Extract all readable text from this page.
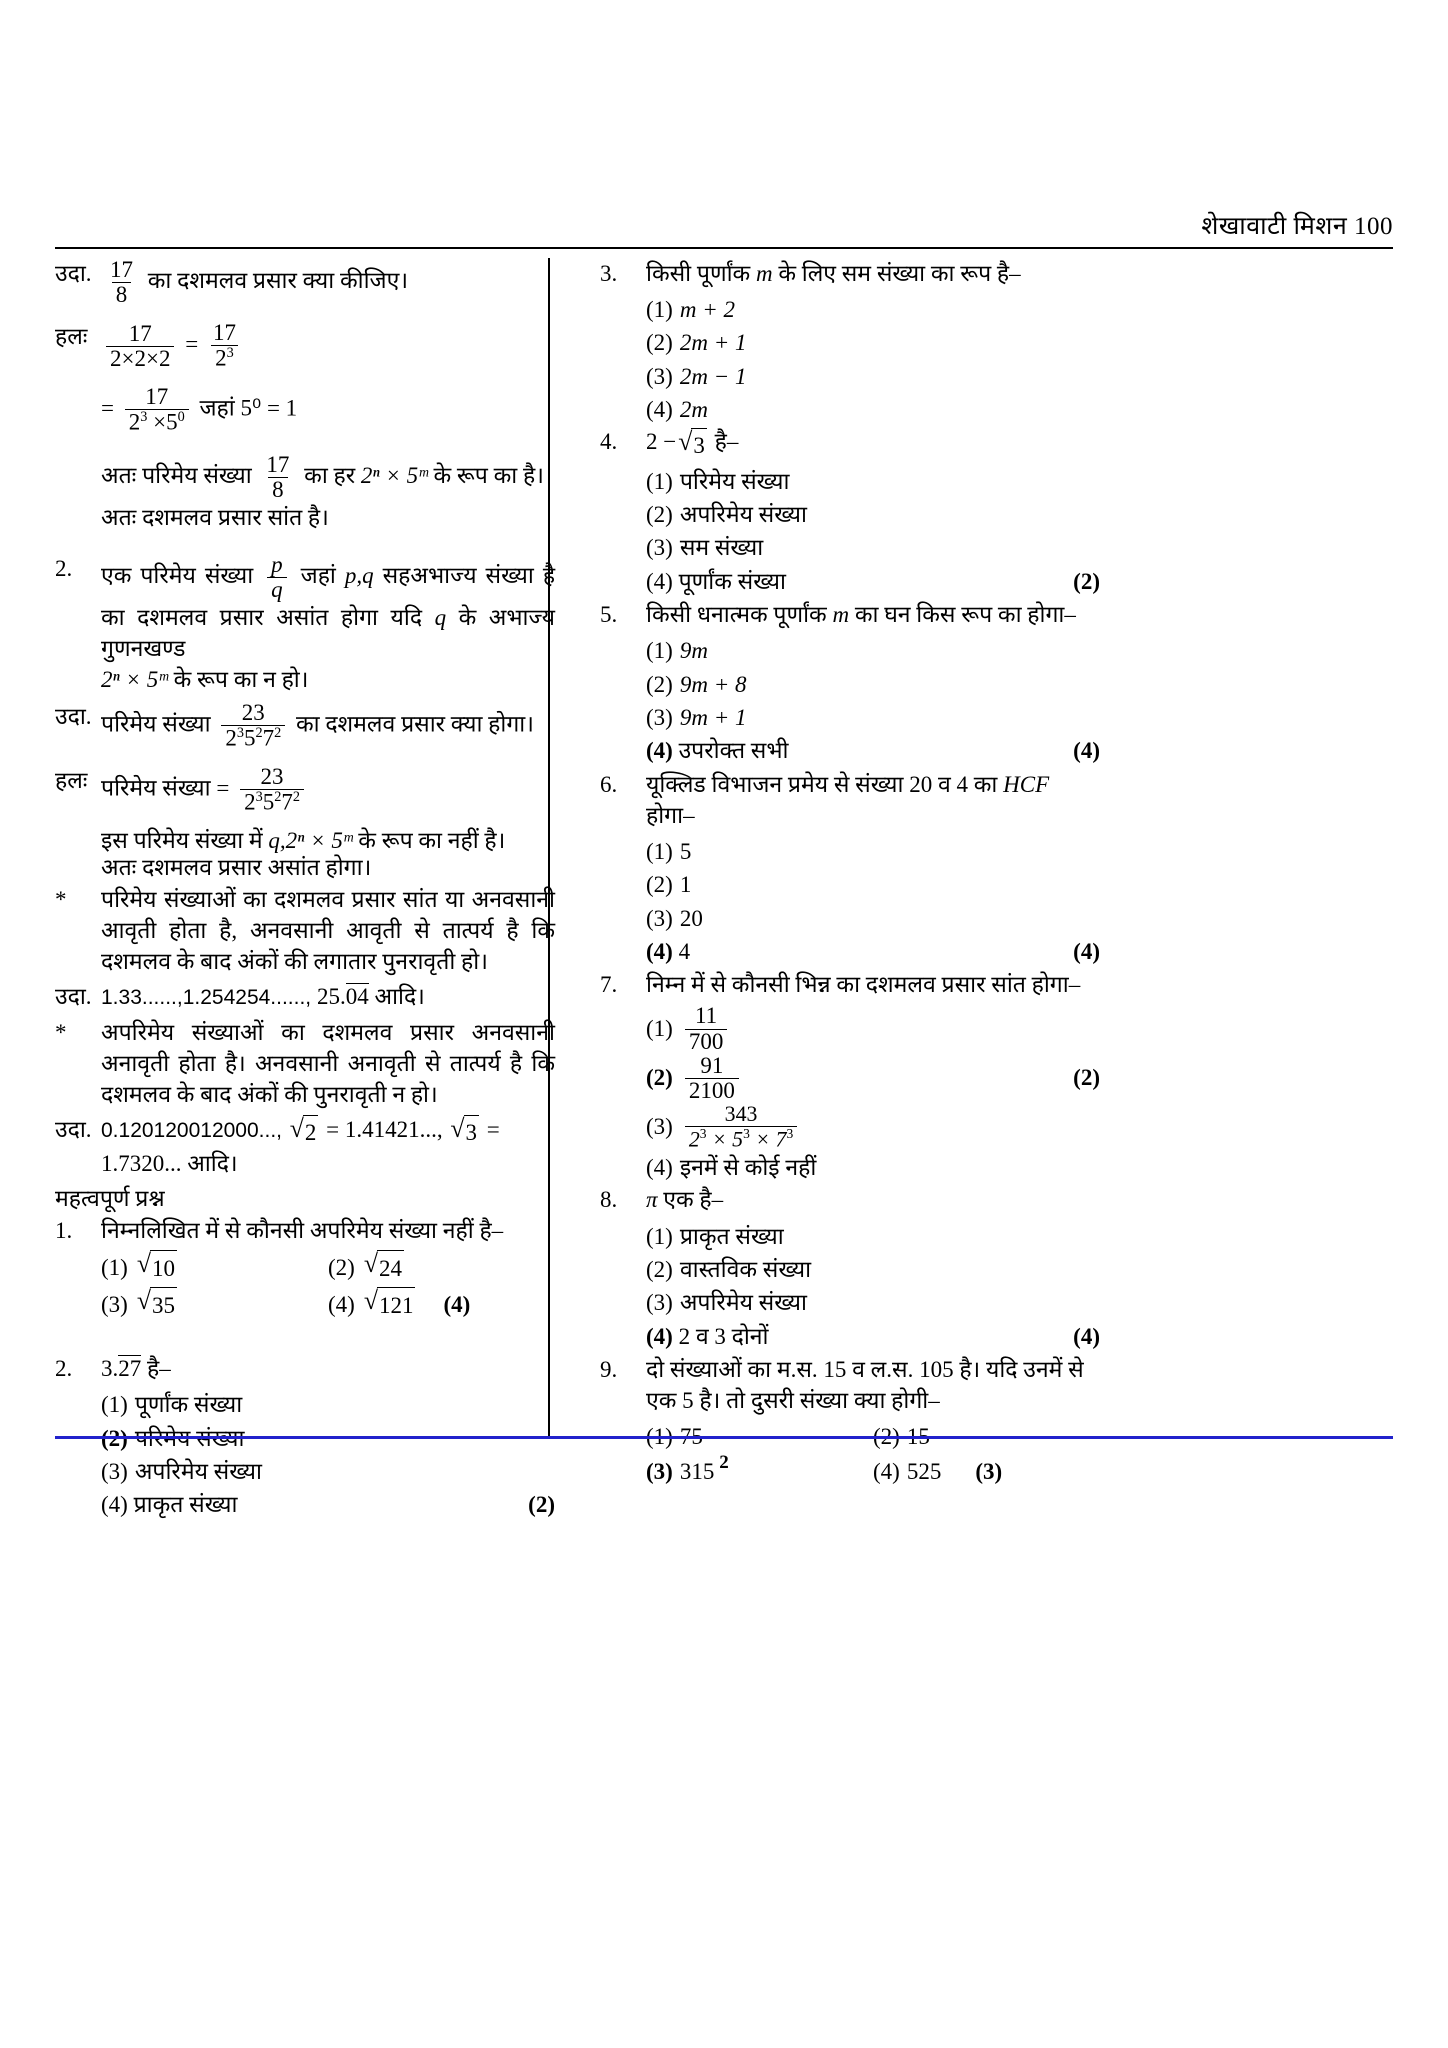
शेखावाटी मिशन 100
उदा. $\frac{17}{8}$ का दशमलव प्रसार क्या कीजिए।
हलः $\frac{17}{2\times 2\times 2} = \frac{17}{2^3}$
= $\frac{17}{2^3 \times 5^0}$ जहां 5⁰ = 1
अतः परिमेय संख्या $\frac{17}{8}$ का हर 2ⁿ × 5ᵐ के रूप का है।
अतः दशमलव प्रसार सांत है।
2.	एक परिमेय संख्या $\frac{p}{q}$ जहां p,q सहअभाज्य संख्या है का दशमलव प्रसार असांत होगा यदि q के अभाज्य गुणनखण्ड
2ⁿ × 5ᵐ के रूप का न हो।
उदा. परिमेय संख्या $\frac{23}{2^35^27^2}$ का दशमलव प्रसार क्या होगा।
हलः परिमेय संख्या = $\frac{23}{2^35^27^2}$
इस परिमेय संख्या में q,2ⁿ × 5ᵐ के रूप का नहीं है।
अतः दशमलव प्रसार असांत होगा।
*	परिमेय संख्याओं का दशमलव प्रसार सांत या अनवसानी आवृती होता है, अनवसानी आवृती से तात्पर्य है कि दशमलव के बाद अंकों की लगातार पुनरावृती हो।
उदा. 1.33......,1.254254......, 25.04 आदि।
*	अपरिमेय संख्याओं का दशमलव प्रसार अनवसानी अनावृती होता है। अनवसानी अनावृती से तात्पर्य है कि दशमलव के बाद अंकों की पुनरावृती न हो।
उदा. 0.120120012000..., √ 2 = 1.41421..., √ 3 = 1.7320... आदि।
महत्वपूर्ण प्रश्न
1.	निम्नलिखित में से कौनसी अपरिमेय संख्या नहीं है–
(1) √ 10	(2) √ 24
(3) √ 35	(4) √ 121 (4)
2.	3.27 है–
(1) पूर्णांक संख्या
(2) परिमेय संख्या
(3) अपरिमेय संख्या
(4) प्राकृत संख्या	(2)
3.	किसी पूर्णांक m के लिए सम संख्या का रूप है–
(1) m + 2
(2) 2m + 1
(3) 2m − 1
(4) 2m
4.	2 − √ 3 है–
(1) परिमेय संख्या
(2) अपरिमेय संख्या
(3) सम संख्या
(4) पूर्णांक संख्या	(2)
5.	किसी धनात्मक पूर्णांक m का घन किस रूप का होगा–
(1) 9m
(2) 9m + 8
(3) 9m + 1
(4) उपरोक्त सभी	(4)
6.	यूक्लिड विभाजन प्रमेय से संख्या 20 व 4 का HCF होगा–
(1) 5
(2) 1
(3) 20
(4) 4	(4)
7.	निम्न में से कौनसी भिन्न का दशमलव प्रसार सांत होगा–
$(1) \frac{11}{700}$
$(2) \frac{91}{2100}$	(2)
$(3) \frac{343}{2^3 \times 5^3 \times 7^3}$
(4) इनमें से कोई नहीं
8.	π एक है–
(1) प्राकृत संख्या
(2) वास्तविक संख्या
(3) अपरिमेय संख्या
(4) 2 व 3 दोनों	(4)
9.	दो संख्याओं का म.स. 15 व ल.स. 105 है। यदि उनमें से एक 5 है। तो दुसरी संख्या क्या होगी–
(1) 75	(2) 15
(3) 315	(4) 525 (3)
2
